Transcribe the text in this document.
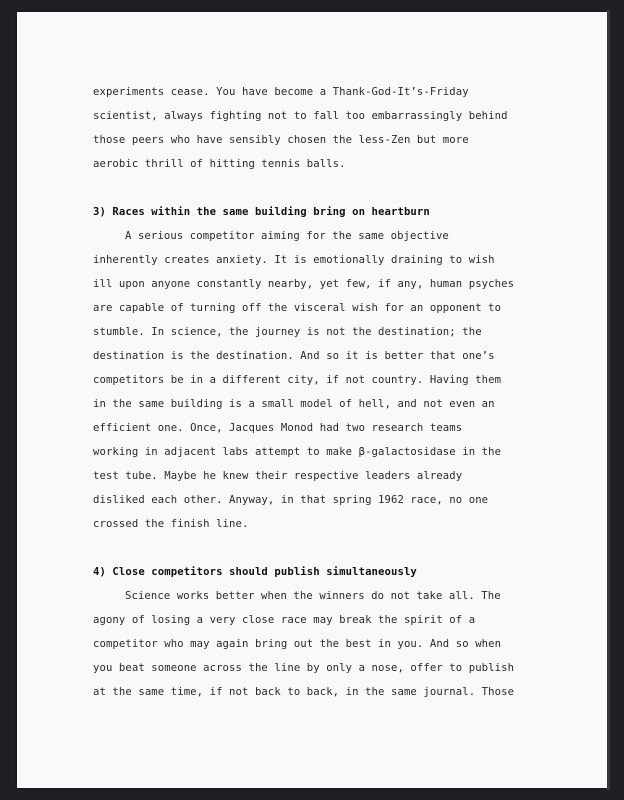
experiments cease. You have become a Thank-God-It’s-Friday
scientist, always fighting not to fall too embarrassingly behind
those peers who have sensibly chosen the less-Zen but more
aerobic thrill of hitting tennis balls.
3) Races within the same building bring on heartburn
A serious competitor aiming for the same objective
inherently creates anxiety. It is emotionally draining to wish
ill upon anyone constantly nearby, yet few, if any, human psyches
are capable of turning off the visceral wish for an opponent to
stumble. In science, the journey is not the destination; the
destination is the destination. And so it is better that one’s
competitors be in a different city, if not country. Having them
in the same building is a small model of hell, and not even an
efficient one. Once, Jacques Monod had two research teams
working in adjacent labs attempt to make β-galactosidase in the
test tube. Maybe he knew their respective leaders already
disliked each other. Anyway, in that spring 1962 race, no one
crossed the finish line.
4) Close competitors should publish simultaneously
Science works better when the winners do not take all. The
agony of losing a very close race may break the spirit of a
competitor who may again bring out the best in you. And so when
you beat someone across the line by only a nose, offer to publish
at the same time, if not back to back, in the same journal. Those
